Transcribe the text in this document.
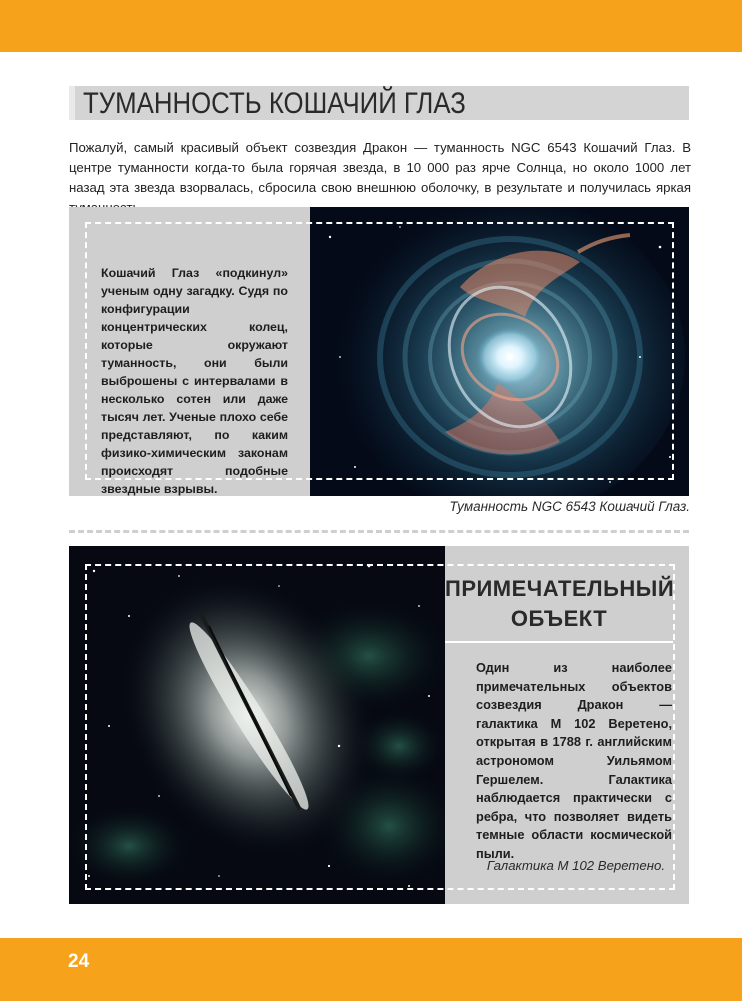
ТУМАННОСТЬ КОШАЧИЙ ГЛАЗ
Пожалуй, самый красивый объект созвездия Дракон — туманность NGC 6543 Кошачий Глаз. В центре туманности когда-то была горячая звезда, в 10 000 раз ярче Солнца, но около 1000 лет назад эта звезда взорвалась, сбросила свою внешнюю оболочку, в результате и получилась яркая
Кошачий Глаз «подкинул» ученым одну загадку. Судя по конфигурации концентрических колец, которые окружают туманность, они были выброшены с интервалами в несколько сотен или даже тысяч лет. Ученые плохо себе представляют, по каким физико-химическим законам происходят подобные звездные взрывы.
Туманность NGC 6543 Кошачий Глаз.
ПРИМЕЧАТЕЛЬНЫЙ
ОБЪЕКТ
Один из наиболее примечательных объектов созвездия Дракон — галактика М 102 Веретено, открытая в 1788 г. английским астрономом Уильямом Гершелем. Галактика наблюдается практически с ребра, что позволяет видеть темные области космической пыли.
Галактика М 102 Веретено.
24
